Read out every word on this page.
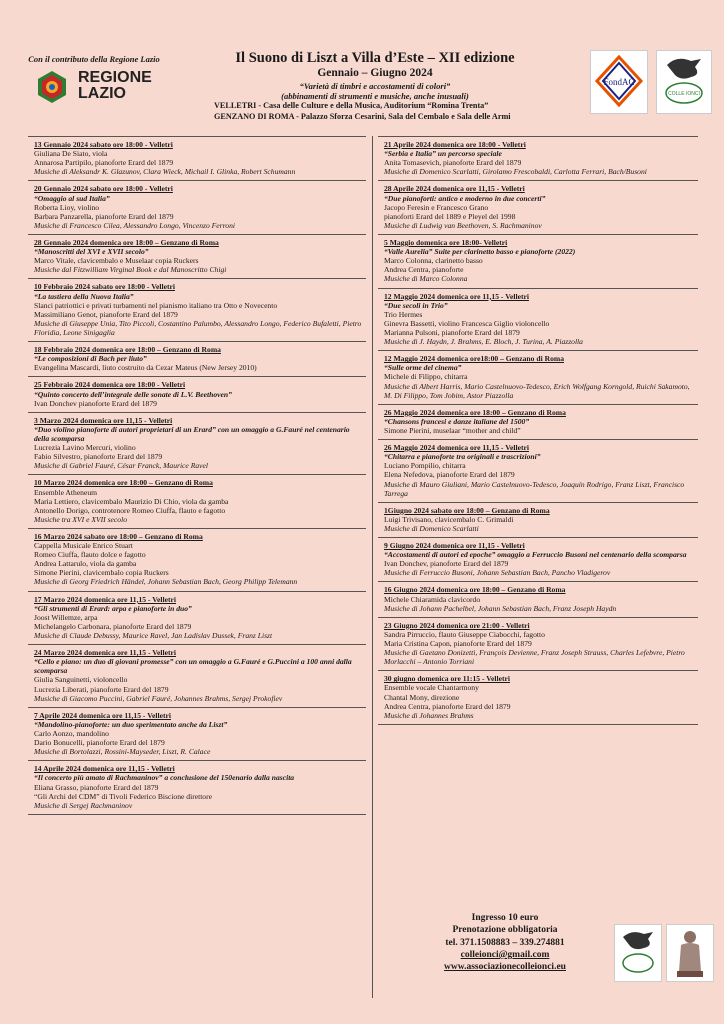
Con il contributo della Regione Lazio
REGIONE
LAZIO
Il Suono di Liszt a Villa d’Este – XII edizione
Gennaio – Giugno 2024
“Varietà di timbri e accostamenti di colori”
(abbinamenti di strumenti e musiche, anche inusuali)
VELLETRI - Casa delle Culture e della Musica, Auditorium “Romina Trenta”
GENZANO DI ROMA - Palazzo Sforza Cesarini, Sala del Cembalo e Sala delle Armi
FondAC
COLLE IONCI
13 Gennaio 2024 sabato ore 18:00 - Velletri
Giuliana De Siato, viola
Annarosa Partipilo, pianoforte Erard del 1879
Musiche di Aleksandr K. Glazunov, Clara Wieck, Michail I. Glinka, Robert Schumann
20 Gennaio 2024 sabato ore 18:00 - Velletri
“Omaggio al sud Italia”
Roberta Lioy, violino
Barbara Panzarella, pianoforte Erard del 1879
Musiche di Francesco Cilea, Alessandro Longo, Vincenzo Ferroni
28 Gennaio 2024 domenica ore 18:00 – Genzano di Roma
“Manoscritti del XVI e XVII secolo”
Marco Vitale, clavicembalo e Muselaar copia Ruckers
Musiche dal Fitzwilliam Virginal Book e dal Manoscritto Chigi
10 Febbraio 2024 sabato ore 18:00 - Velletri
“La tastiera della Nuova Italia”
Slanci patriottici e privati turbamenti nel pianismo italiano tra Otto e Novecento
Massimiliano Genot, pianoforte Erard del 1879
Musiche di Giuseppe Unia, Tito Piccoli, Costantino Palumbo, Alessandro Longo, Federico Bufaletti, Pietro Floridia, Leone Sinigaglia
18 Febbraio 2024 domenica ore 18:00 – Genzano di Roma
“Le composizioni di Bach per liuto”
Evangelina Mascardi, liuto costruito da Cezar Mateus (New Jersey 2010)
25 Febbraio 2024 domenica ore 18:00 - Velletri
“Quinto concerto dell’integrale delle sonate di L.V. Beethoven”
Ivan Donchev pianoforte Erard del 1879
3 Marzo 2024 domenica ore 11,15 - Velletri
“Duo violino pianoforte di autori proprietari di un Erard” con un omaggio a G.Fauré nel centenario della scomparsa
Lucrezia Lavino Mercuri, violino
Fabio Silvestro, pianoforte Erard del 1879
Musiche di Gabriel Fauré, César Franck, Maurice Ravel
10 Marzo 2024 domenica ore 18:00 – Genzano di Roma
Ensemble Atheneum
Maria Lettiero, clavicembalo Maurizio Di Chio, viola da gamba
Antonello Dorigo, controtenore Romeo Ciuffa, flauto e fagotto
Musiche tra XVI e XVII secolo
16 Marzo 2024 sabato ore 18:00 – Genzano di Roma
Cappella Musicale Enrico Stuart
Romeo Ciuffa, flauto dolce e fagotto
Andrea Lattarulo, viola da gamba
Simone Pierini, clavicembalo copia Ruckers
Musiche di Georg Friedrich Händel, Johann Sebastian Bach, Georg Philipp Telemann
17 Marzo 2024 domenica ore 11,15 - Velletri
“Gli strumenti di Erard: arpa e pianoforte in duo”
Joost Willemze, arpa
Michelangelo Carbonara, pianoforte Erard del 1879
Musiche di Claude Debussy, Maurice Ravel, Jan Ladislav Dussek, Franz Liszt
24 Marzo 2024 domenica ore 11,15 - Velletri
“Cello e piano: un duo di giovani promesse” con un omaggio a G.Fauré e G.Puccini a 100 anni dalla scomparsa
Giulia Sanguinetti, violoncello
Lucrezia Liberati, pianoforte Erard del 1879
Musiche di Giacomo Puccini, Gabriel Fauré, Johannes Brahms, Sergej Prokofiev
7 Aprile 2024 domenica ore 11,15 - Velletri
“Mandolino-pianoforte: un duo sperimentato anche da Liszt”
Carlo Aonzo, mandolino
Dario Bonucelli, pianoforte Erard del 1879
Musiche di Bortolazzi, Rossini-Mayseder, Liszt, R. Calace
14 Aprile 2024 domenica ore 11,15 - Velletri
“Il concerto più amato di Rachmaninov” a conclusione del 150enario dalla nascita
Eliana Grasso, pianoforte Erard del 1879
“Gli Archi del CDM” di Tivoli Federico Biscione direttore
Musiche di Sergej Rachmaninov
21 Aprile 2024 domenica ore 18:00 - Velletri
“Serbia e Italia” un percorso speciale
Anita Tomasevich, pianoforte Erard del 1879
Musiche di Domenico Scarlatti, Girolamo Frescobaldi, Carlotta Ferrari, Bach/Busoni
28 Aprile 2024 domenica ore 11,15 - Velletri
“Due pianoforti: antico e moderno in due concerti”
Jacopo Feresin e Francesco Grano
pianoforti Erard del 1889 e Pleyel del 1998
Musiche di Ludwig van Beethoven, S. Rachmaninov
5 Maggio domenica ore 18:00- Velletri
“Valle Aurelia” Suite per clarinetto basso e pianoforte (2022)
Marco Colonna, clarinetto basso
Andrea Centra, pianoforte
Musiche di Marco Colonna
12 Maggio 2024 domenica ore 11,15 - Velletri
“Due secoli in Trio”
Trio Hermes
Ginevra Bassetti, violino Francesca Giglio violoncello
Marianna Pulsoni, pianoforte Erard del 1879
Musiche di J. Haydn, J. Brahms, E. Bloch, J. Turina, A. Piazzolla
12 Maggio 2024 domenica ore18:00 – Genzano di Roma
“Sulle orme del cinema”
Michele di Filippo, chitarra
Musiche di Albert Harris, Mario Castelnuovo-Tedesco, Erich Wolfgang Korngold, Ruichi Sakamoto, M. Di Filippo, Tom Jobim, Astor Piazzolla
26 Maggio 2024 domenica ore 18:00 – Genzano di Roma
“Chansons francesi e danze italiane del 1500”
Simone Pierini, muselaar “mother and child”
26 Maggio 2024 domenica ore 11,15 - Velletri
“Chitarra e pianoforte tra originali e trascrizioni”
Luciano Pompilio, chitarra
Elena Nefedova, pianoforte Erard del 1879
Musiche di Mauro Giuliani, Mario Castelnuovo-Tedesco, Joaquín Rodrigo, Franz Liszt, Francisco Tarrega
1Giugno 2024 sabato ore 18:00 – Genzano di Roma
Luigi Trivisano, clavicembalo C. Grimaldi
Musiche di Domenico Scarlatti
9 Giugno 2024 domenica ore 11,15 - Velletri
“Accostamenti di autori ed epoche” omaggio a Ferruccio Busoni nel centenario della scomparsa
Ivan Donchev, pianoforte Erard del 1879
Musiche di Ferruccio Busoni, Johann Sebastian Bach, Pancho Vladigerov
16 Giugno 2024 domenica ore 18:00 – Genzano di Roma
Michele Chiaramida clavicordo
Musiche di Johann Pachelbel, Johann Sebastian Bach, Franz Joseph Haydn
23 Giugno 2024 domenica ore 21:00 - Velletri
Sandra Pirruccio, flauto Giuseppe Ciabocchi, fagotto
Maria Cristina Capon, pianoforte Erard del 1879
Musiche di Gaetano Donizetti, François Devienne, Franz Joseph Strauss, Charles Lefebvre, Pietro Morlacchi – Antonio Torriani
30 giugno domenica ore 11:15 - Velletri
Ensemble vocale Chantarmony
Chantal Mony, direzione
Andrea Centra, pianoforte Erard del 1879
Musiche di Johannes Brahms
Ingresso 10 euro
Prenotazione obbligatoria
tel. 371.1508883 – 339.274881
colleionci@gmail.com
www.associazionecolleionci.eu
